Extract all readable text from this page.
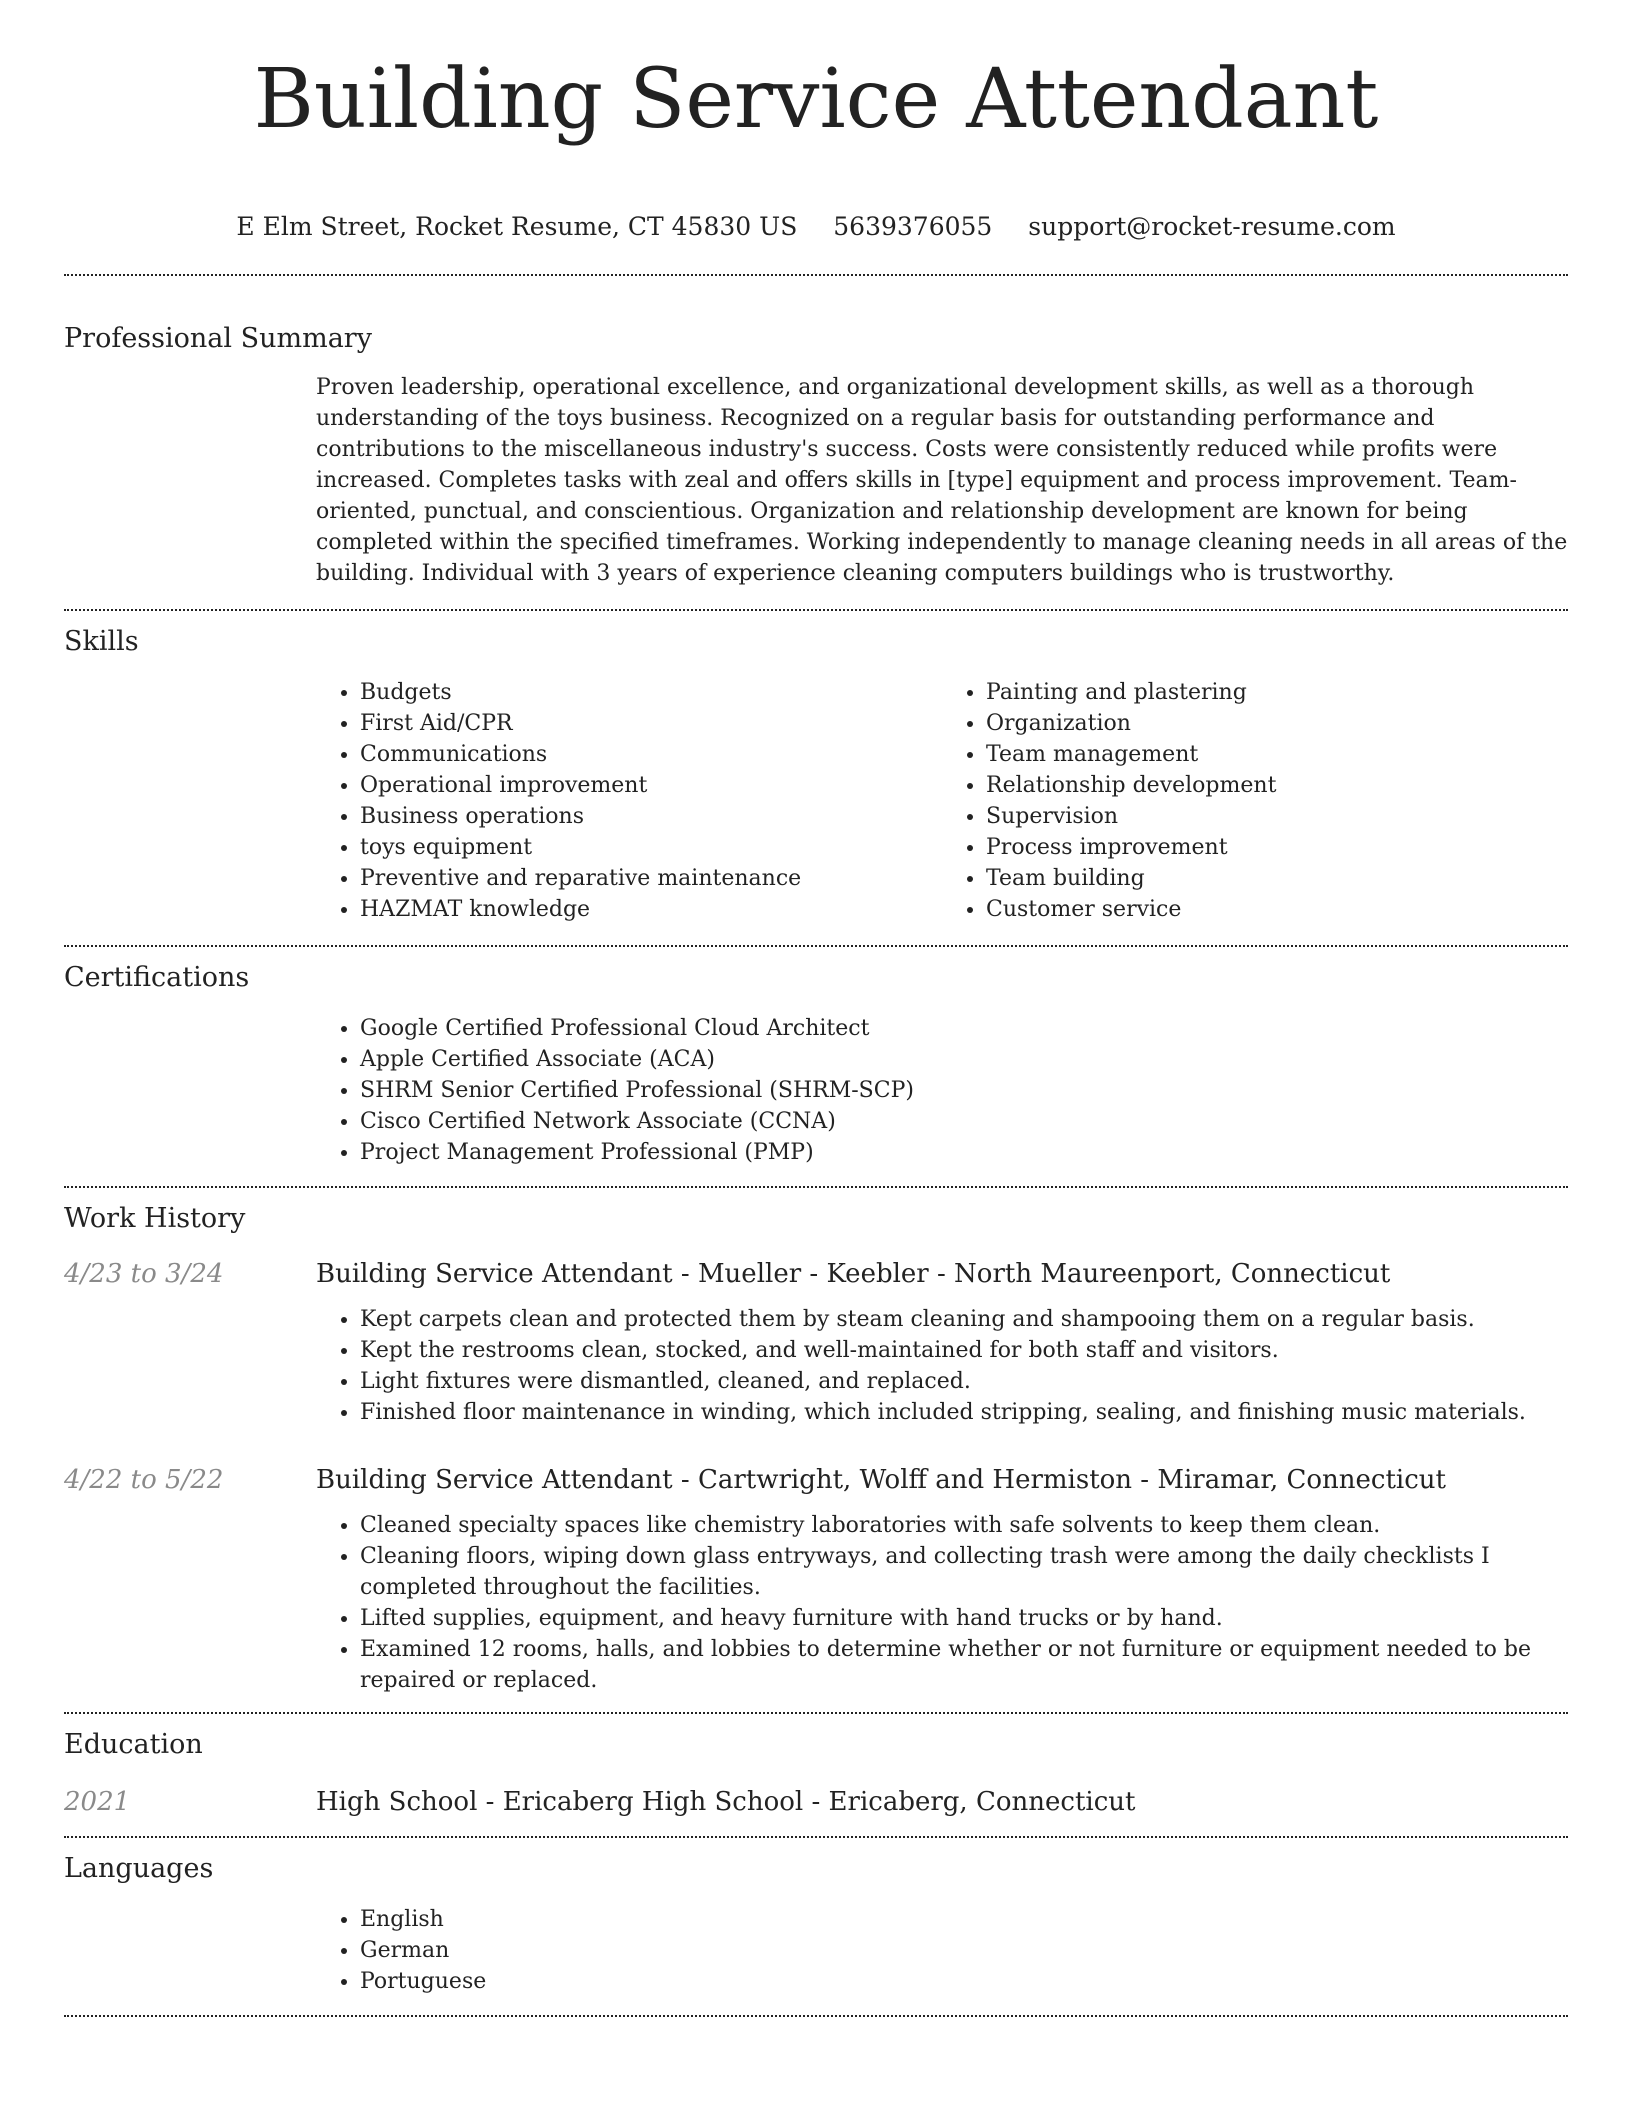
Building Service Attendant
E Elm Street, Rocket Resume, CT 45830 US 5639376055 support@rocket-resume.com
Professional Summary

Proven leadership, operational excellence, and organizational development skills, as well as a thorough understanding of the toys business. Recognized on a regular basis for outstanding performance and contributions to the miscellaneous industry's success. Costs were consistently reduced while profits were increased. Completes tasks with zeal and offers skills in [type] equipment and process improvement. Team-oriented, punctual, and conscientious. Organization and relationship development are known for being completed within the specified timeframes. Working independently to manage cleaning needs in all areas of the building. Individual with 3 years of experience cleaning computers buildings who is trustworthy.

Skills
• Budgets
• First Aid/CPR
• Communications
• Operational improvement
• Business operations
• toys equipment
• Preventive and reparative maintenance
• HAZMAT knowledge
• Painting and plastering
• Organization
• Team management
• Relationship development
• Supervision
• Process improvement
• Team building
• Customer service
Certifications
• Google Certified Professional Cloud Architect
• Apple Certified Associate (ACA)
• SHRM Senior Certified Professional (SHRM-SCP)
• Cisco Certified Network Associate (CCNA)
• Project Management Professional (PMP)
Work History
4/23 to 3/24	Building Service Attendant - Mueller - Keebler - North Maureenport, Connecticut
• Kept carpets clean and protected them by steam cleaning and shampooing them on a regular basis.
• Kept the restrooms clean, stocked, and well-maintained for both staff and visitors.
• Light fixtures were dismantled, cleaned, and replaced.
• Finished floor maintenance in winding, which included stripping, sealing, and finishing music materials.
4/22 to 5/22	Building Service Attendant - Cartwright, Wolff and Hermiston - Miramar, Connecticut
• Cleaned specialty spaces like chemistry laboratories with safe solvents to keep them clean.
• Cleaning floors, wiping down glass entryways, and collecting trash were among the daily checklists I completed throughout the facilities.
• Lifted supplies, equipment, and heavy furniture with hand trucks or by hand.
• Examined 12 rooms, halls, and lobbies to determine whether or not furniture or equipment needed to be repaired or replaced.
Education
2021	High School - Ericaberg High School - Ericaberg, Connecticut
Languages
• English
• German
• Portuguese
